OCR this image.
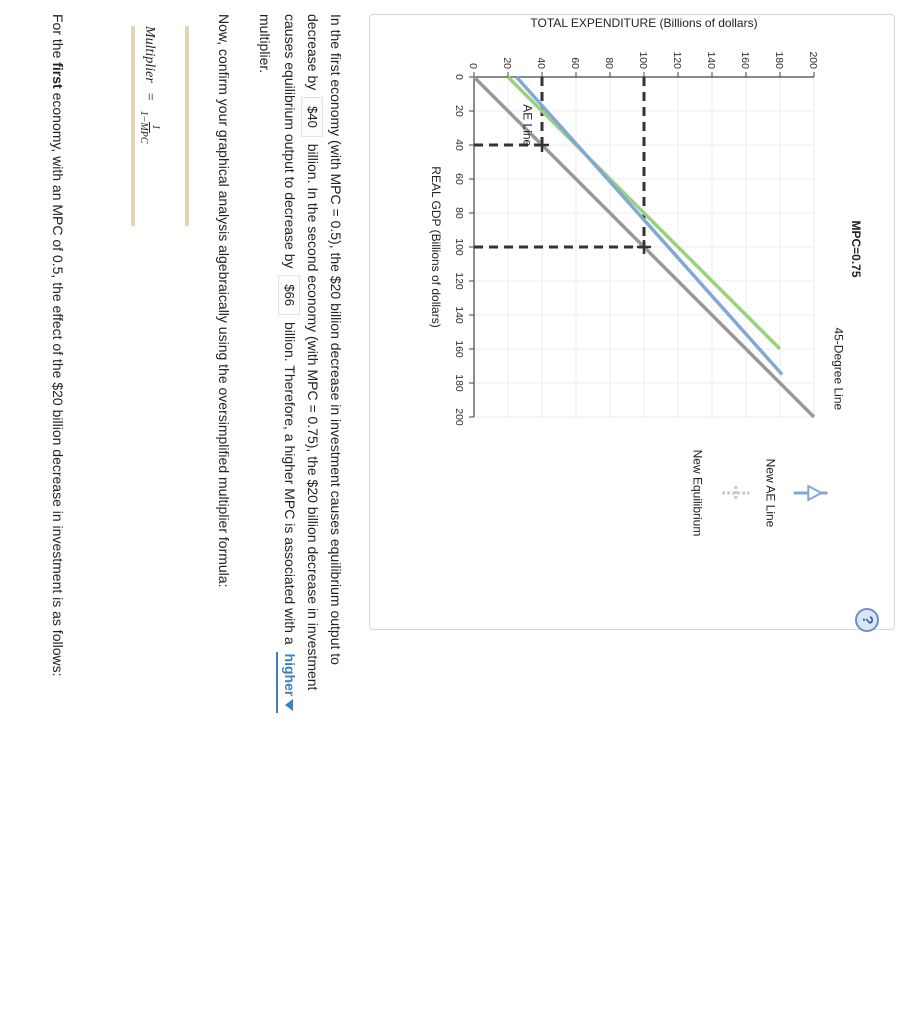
0
20
40
60
80
100
120
140
160
180
200
0 20 40 60 80 100 120 140 160 180 200
REAL GDP (Billions of dollars)
TOTAL EXPENDITURE (Billions of dollars)
MPC=0.75
45-Degree Line
AE Line
New AE Line
New Equilibrium
?
In the first economy (with MPC = 0.5), the $20 billion decrease in investment causes equilibrium output to decrease by $40 billion. In the second economy (with MPC = 0.75), the $20 billion decrease in investment causes equilibrium output to decrease by $66 billion. Therefore, a higher MPC is associated with a
higher
multiplier.
Now, confirm your graphical analysis algebraically using the oversimplified multiplier formula:
Multiplier
=
1
1−MPC
For the first economy, with an MPC of 0.5, the effect of the $20 billion decrease in investment is as follows:
